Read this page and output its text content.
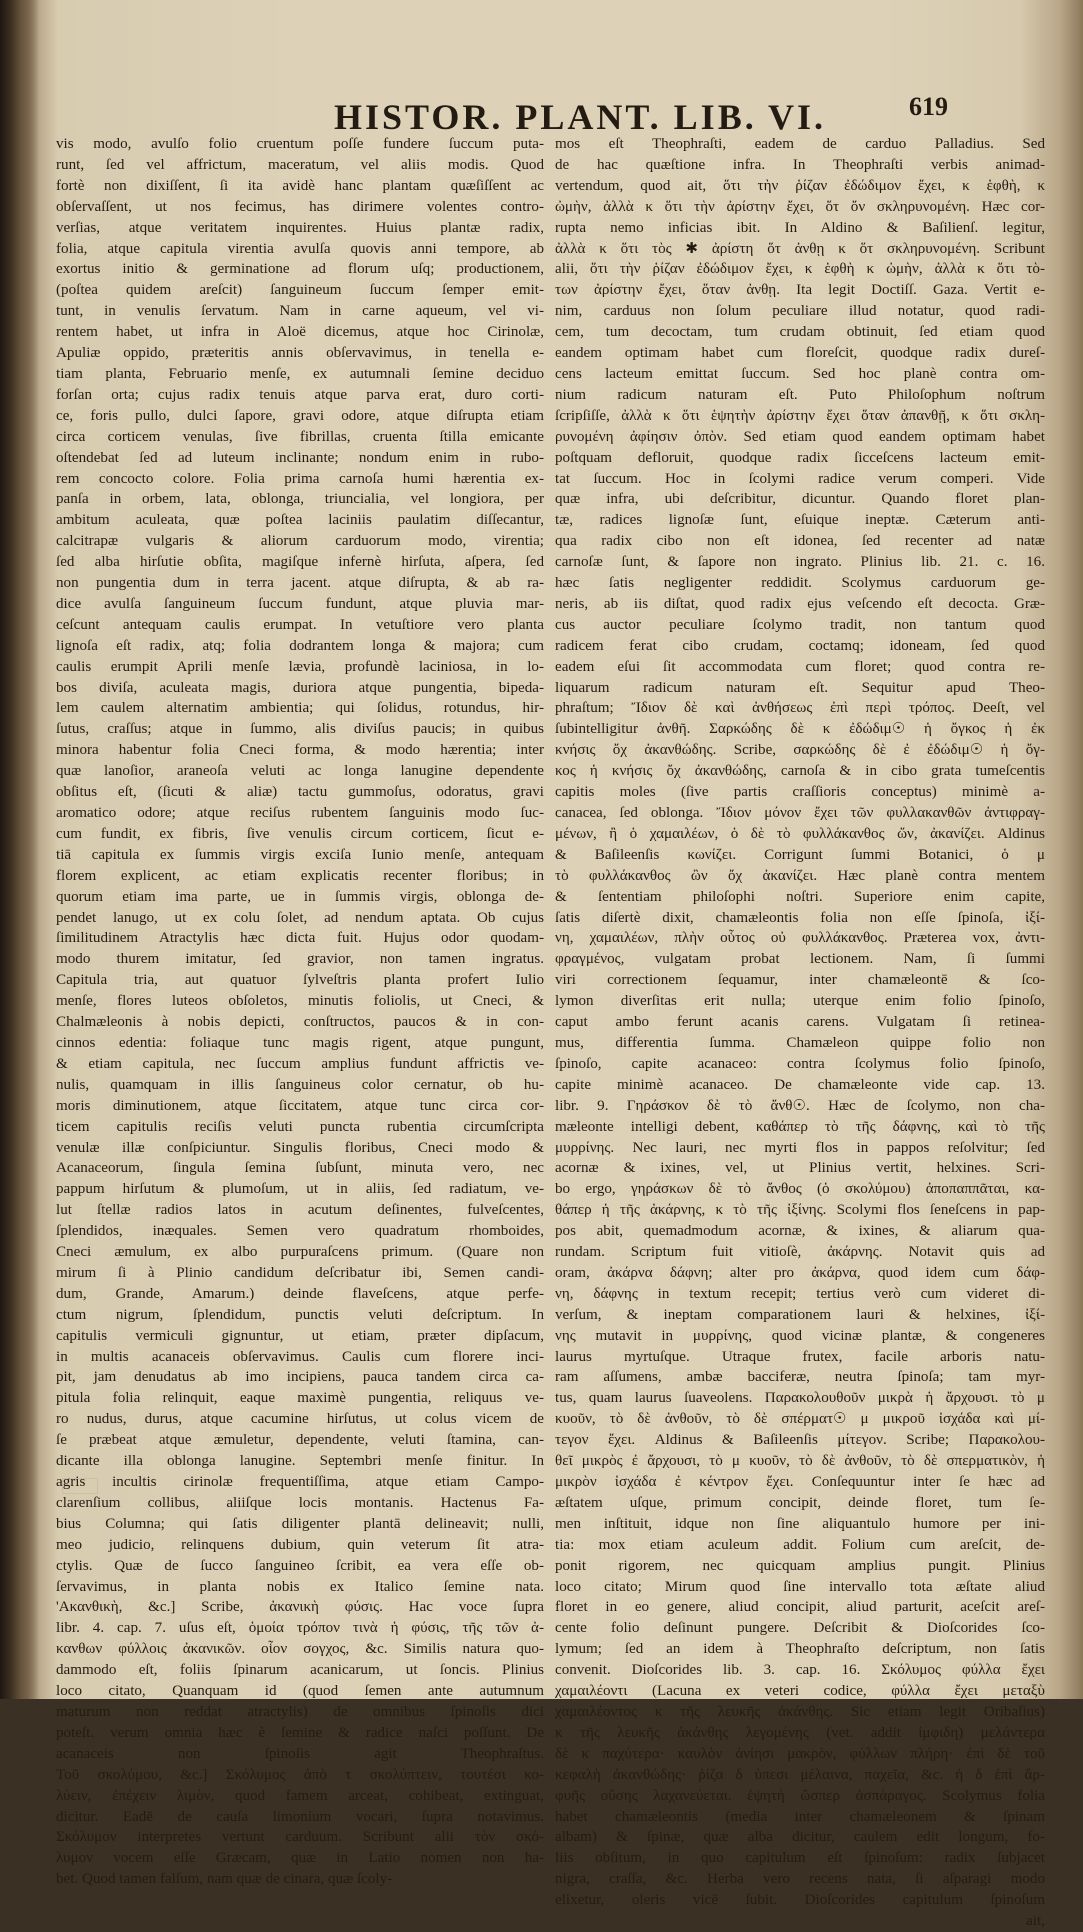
HISTOR. PLANT. LIB. VI.	619
vis modo, avulſo folio cruentum poſſe fundere ſuccum puta-
runt, ſed vel affrictum, maceratum, vel aliis modis. Quod
fortè non dixiſſent, ſi ita avidè hanc plantam quæſiſſent ac
obſervaſſent, ut nos fecimus, has dirimere volentes contro-
verſias, atque veritatem inquirentes. Huius plantæ radix,
folia, atque capitula virentia avulſa quovis anni tempore, ab
exortus initio & germinatione ad florum uſq; productionem,
(poſtea quidem areſcit) ſanguineum ſuccum ſemper emit-
tunt, in venulis ſervatum. Nam in carne aqueum, vel vi-
rentem habet, ut infra in Aloë dicemus, atque hoc Cirinolæ,
Apuliæ oppido, præteritis annis obſervavimus, in tenella e-
tiam planta, Februario menſe, ex autumnali ſemine deciduo
forſan orta; cujus radix tenuis atque parva erat, duro corti-
ce, foris pullo, dulci ſapore, gravi odore, atque diſrupta etiam
circa corticem venulas, ſive fibrillas, cruenta ſtilla emicante
oſtendebat ſed ad luteum inclinante; nondum enim in rubo-
rem concocto colore. Folia prima carnoſa humi hærentia ex-
panſa in orbem, lata, oblonga, triuncialia, vel longiora, per
ambitum aculeata, quæ poſtea laciniis paulatim diſſecantur,
calcitrapæ vulgaris & aliorum carduorum modo, virentia;
ſed alba hirſutie obſita, magiſque infernè hirſuta, aſpera, ſed
non pungentia dum in terra jacent. atque diſrupta, & ab ra-
dice avulſa ſanguineum ſuccum fundunt, atque pluvia mar-
ceſcunt antequam caulis erumpat. In vetuſtiore vero planta
lignoſa eſt radix, atq; folia dodrantem longa & majora; cum
caulis erumpit Aprili menſe lævia, profundè laciniosa, in lo-
bos diviſa, aculeata magis, duriora atque pungentia, bipeda-
lem caulem alternatim ambientia; qui ſolidus, rotundus, hir-
ſutus, craſſus; atque in ſummo, alis diviſus paucis; in quibus
minora habentur folia Cneci forma, & modo hærentia; inter
quæ lanoſior, araneoſa veluti ac longa lanugine dependente
obſitus eſt, (ſicuti & aliæ) tactu gummoſus, odoratus, gravi
aromatico odore; atque reciſus rubentem ſanguinis modo ſuc-
cum fundit, ex fibris, ſive venulis circum corticem, ſicut e-
tiā capitula ex ſummis virgis exciſa Iunio menſe, antequam
florem explicent, ac etiam explicatis recenter floribus; in
quorum etiam ima parte, ue in ſummis virgis, oblonga de-
pendet lanugo, ut ex colu ſolet, ad nendum aptata. Ob cujus
ſimilitudinem Atractylis hæc dicta fuit. Hujus odor quodam-
modo thurem imitatur, ſed gravior, non tamen ingratus.
Capitula tria, aut quatuor ſylveſtris planta profert Iulio
menſe, flores luteos obſoletos, minutis foliolis, ut Cneci, &
Chalmæleonis à nobis depicti, conſtructos, paucos & in con-
cinnos edentia: foliaque tunc magis rigent, atque pungunt,
& etiam capitula, nec ſuccum amplius fundunt affrictis ve-
nulis, quamquam in illis ſanguineus color cernatur, ob hu-
moris diminutionem, atque ſiccitatem, atque tunc circa cor-
ticem capitulis reciſis veluti puncta rubentia circumſcripta
venulæ illæ conſpiciuntur. Singulis floribus, Cneci modo &
Acanaceorum, ſingula ſemina ſubſunt, minuta vero, nec
pappum hirſutum & plumoſum, ut in aliis, ſed radiatum, ve-
lut ſtellæ radios latos in acutum deſinentes, fulveſcentes,
ſplendidos, inæquales. Semen vero quadratum rhomboides,
Cneci æmulum, ex albo purpuraſcens primum. (Quare non
mirum ſi à Plinio candidum deſcribatur ibi, Semen candi-
dum, Grande, Amarum.) deinde flaveſcens, atque perfe-
ctum nigrum, ſplendidum, punctis veluti deſcriptum. In
capitulis vermiculi gignuntur, ut etiam, præter dipſacum,
in multis acanaceis obſervavimus. Caulis cum florere inci-
pit, jam denudatus ab imo incipiens, pauca tandem circa ca-
pitula folia relinquit, eaque maximè pungentia, reliquus ve-
ro nudus, durus, atque cacumine hirſutus, ut colus vicem de
ſe præbeat atque æmuletur, dependente, veluti ſtamina, can-
dicante illa oblonga lanugine. Septembri menſe finitur. In
agris incultis cirinolæ frequentiſſima, atque etiam Campo-
clarenſium collibus, aliiſque locis montanis. Hactenus Fa-
bius Columna; qui ſatis diligenter plantā delineavit; nulli,
meo judicio, relinquens dubium, quin veterum ſit atra-
ctylis. Quæ de ſucco ſanguineo ſcribit, ea vera eſſe ob-
ſervavimus, in planta nobis ex Italico ſemine nata.
'Ακανθικὴ, &c.] Scribe, ἀκανικὴ φύσις. Hac voce ſupra
libr. 4. cap. 7. uſus eſt, ὁμοία τρόπον τινὰ ἡ φύσις, τῆς τῶν ἀ-
κανθων φύλλοις ἀκανικῶν. οἷον σογχος, &c. Similis natura quo-
dammodo eſt, foliis ſpinarum acanicarum, ut ſoncis. Plinius
loco citato, Quanquam id (quod ſemen ante autumnum
maturum non reddat atractylis) de omnibus ſpinoſis dici
poteſt. verum omnia hæc è ſemine & radice naſci poſſunt. De
acanaceis non ſpinoſis agit Theophraſtus.
Τοῦ σκολύμου, &c.] Σκόλυμος ἀπὸ τ σκολύπτειν, τουτέσι κο-
λύειν, ἐπέχειν λιμὸν, quod famem arceat, cohibeat, extinguat,
dicitur. Eadē de cauſa limonium vocari, ſupra notavimus.
Σκόλυμον interpretes vertunt carduum. Scribunt alii τὸν σκό-
λυμον vocem eſſe Græcam, quæ in Latio nomen non ha-
bet. Quod tamen falſum, nam quæ de cinara, quæ ſcoly-
mos eſt Theophraſti, eadem de carduo Palladius. Sed
de hac quæſtione infra. In Theophraſti verbis animad-
vertendum, quod ait, ὅτι τὴν ῥίζαν ἐδώδιμον ἔχει, κ ἑφθὴ, κ
ὠμὴν, ἀλλὰ κ ὅτι τὴν ἀρίστην ἔχει, ὅτ ὄν σκληρυνομένη. Hæc cor-
rupta nemo inficias ibit. In Aldino & Baſilienſ. legitur,
ἀλλὰ κ ὅτι τὸς ✱ ἀρίστη ὅτ ἀνθῃ κ ὅτ σκληρυνομένη. Scribunt
alii, ὅτι τὴν ῥίζαν ἐδώδιμον ἔχει, κ ἑφθὴ κ ὠμὴν, ἀλλὰ κ ὅτι τὸ-
των ἀρίστην ἔχει, ὅταν ἀνθῃ. Ita legit Doctiſſ. Gaza. Vertit e-
nim, carduus non ſolum peculiare illud notatur, quod radi-
cem, tum decoctam, tum crudam obtinuit, ſed etiam quod
eandem optimam habet cum floreſcit, quodque radix dureſ-
cens lacteum emittat ſuccum. Sed hoc planè contra om-
nium radicum naturam eſt. Puto Philoſophum noſtrum
ſcripſiſſe, ἀλλὰ κ ὅτι ἑψητὴν ἀρίστην ἔχει ὅταν ἀπανθῇ, κ ὅτι σκλη-
ρυνομένη ἀφίησιν ὀπὸν. Sed etiam quod eandem optimam habet
poſtquam defloruit, quodque radix ſicceſcens lacteum emit-
tat ſuccum. Hoc in ſcolymi radice verum comperi. Vide
quæ infra, ubi deſcribitur, dicuntur. Quando floret plan-
tæ, radices lignoſæ ſunt, eſuique ineptæ. Cæterum anti-
qua radix cibo non eſt idonea, ſed recenter ad natæ
carnoſæ ſunt, & ſapore non ingrato. Plinius lib. 21. c. 16.
hæc ſatis negligenter reddidit. Scolymus carduorum ge-
neris, ab iis diſtat, quod radix ejus veſcendo eſt decocta. Græ-
cus auctor peculiare ſcolymo tradit, non tantum quod
radicem ferat cibo crudam, coctamq; idoneam, ſed quod
eadem eſui ſit accommodata cum floret; quod contra re-
liquarum radicum naturam eſt. Sequitur apud Theo-
phraſtum; Ἴδιον δὲ καὶ ἀνθήσεως ἐπὶ περὶ τρόπος. Deeſt, vel
ſubintelligitur ἀνθῆ. Σαρκώδης δὲ κ ἐδώδιμ☉ ἡ ὄγκος ἡ ἐκ
κνήσις ὄχ ἀκανθώδης. Scribe, σαρκώδης δὲ ἐ ἐδώδιμ☉ ἡ ὄγ-
κος ἡ κνήσις ὄχ ἀκανθώδης, carnoſa & in cibo grata tumeſcentis
capitis moles (ſive partis craſſioris conceptus) minimè a-
canacea, ſed oblonga. Ἴδιον μόνον ἔχει τῶν φυλλακανθῶν ἀντιφραγ-
μένων, ἢ ὁ χαμαιλέων, ὁ δὲ τὸ φυλλάκανθος ὤν, ἀκανίζει. Aldinus
& Baſileenſis κωνίζει. Corrigunt ſummi Botanici, ὁ μ
τὸ φυλλάκανθος ὢν ὄχ ἀκανίζει. Hæc planè contra mentem
& ſententiam philoſophi noſtri. Superiore enim capite,
ſatis diſertè dixit, chamæleontis folia non eſſe ſpinoſa, ἰξί-
νη, χαμαιλέων, πλὴν οὗτος οὐ φυλλάκανθος. Præterea vox, ἀντι-
φραγμένος, vulgatam probat lectionem. Nam, ſi ſummi
viri correctionem ſequamur, inter chamæleontē & ſco-
lymon diverſitas erit nulla; uterque enim folio ſpinoſo,
caput ambo ferunt acanis carens. Vulgatam ſi retinea-
mus, differentia ſumma. Chamæleon quippe folio non
ſpinoſo, capite acanaceo: contra ſcolymus folio ſpinoſo,
capite minimè acanaceo. De chamæleonte vide cap. 13.
libr. 9. Γηράσκον δὲ τὸ ἄνθ☉. Hæc de ſcolymo, non cha-
mæleonte intelligi debent, καθάπερ τὸ τῆς δάφνης, καὶ τὸ τῆς
μυρρίνης. Nec lauri, nec myrti flos in pappos reſolvitur; ſed
acornæ & ixines, vel, ut Plinius vertit, helxines. Scri-
bo ergo, γηράσκων δὲ τὸ ἄνθος (ὁ σκολύμου) ἀποπαππᾶται, κα-
θάπερ ἡ τῆς ἀκάρνης, κ τὸ τῆς ἰξίνης. Scolymi flos ſeneſcens in pap-
pos abit, quemadmodum acornæ, & ixines, & aliarum qua-
rundam. Scriptum fuit vitioſè, ἀκάρνης. Notavit quis ad
oram, ἀκάρνα δάφνη; alter pro ἀκάρνα, quod idem cum δάφ-
νη, δάφνης in textum recepit; tertius verò cum videret di-
verſum, & ineptam comparationem lauri & helxines, ἰξί-
νης mutavit in μυρρίνης, quod vicinæ plantæ, & congeneres
laurus myrtuſque. Utraque frutex, facile arboris natu-
ram aſſumens, ambæ bacciferæ, neutra ſpinoſa; tam myr-
tus, quam laurus ſuaveolens. Παρακολουθοῦν μικρὰ ἡ ἄρχουσι. τὸ μ
κυοῦν, τὸ δὲ ἀνθοῦν, τὸ δὲ σπέρματ☉ μ μικροῦ ἰσχάδα καὶ μί-
τεγον ἔχει. Aldinus & Baſileenſis μίτεγον. Scribe; Παρακολου-
θεῖ μικρὸς ἐ ἄρχουσι, τὸ μ κυοῦν, τὸ δὲ ἀνθοῦν, τὸ δὲ σπερματικὸν, ἡ
μικρὸν ἰσχάδα ἐ κέντρον ἔχει. Conſequuntur inter ſe hæc ad
æſtatem uſque, primum concipit, deinde floret, tum ſe-
men inſtituit, idque non ſine aliquantulo humore per ini-
tia: mox etiam aculeum addit. Folium cum areſcit, de-
ponit rigorem, nec quicquam amplius pungit. Plinius
loco citato; Mirum quod ſine intervallo tota æſtate aliud
floret in eo genere, aliud concipit, aliud parturit, aceſcit areſ-
cente folio deſinunt pungere. Deſcribit & Dioſcorides ſco-
lymum; ſed an idem à Theophraſto deſcriptum, non ſatis
convenit. Dioſcorides lib. 3. cap. 16. Σκόλυμος φύλλα ἔχει
χαμαιλέοντι (Lacuna ex veteri codice, φύλλα ἔχει μεταξὺ
χαμαιλέοντος κ τῆς λευκῆς ἀκάνθης. Sic etiam legit Oribaſius)
κ τῆς λευκῆς ἀκάνθης λεγομένης (vet. addit ἰμφιδη) μελάντερα
δὲ κ παχύτερα· καυλὸν ἀνίησι μακρὸν, φύλλων πλήρη· ἐπὶ δὲ τοῦ
κεφαλὴ ἀκανθώδης· ῥίζα δ ὑπεσι μέλαινα, παχεῖα, &c. ἡ δ ἐπὶ ἄρ-
φυῆς οὔσης λαχανεύεται. ἑψητὴ ὥσπερ ἀσπάραγος. Scolymus folia
habet chamæleontis (media inter chamæleonem & ſpinam
albam) & ſpinæ, quæ alba dicitur, caulem edit longum, fo-
liis obſitum, in quo capitulum eſt ſpinoſum: radix ſubjacet
nigra, craſſa, &c. Herba vero recens nata, ſi aſparagi modo
elixetur, oleris vicē ſubit. Dioſcorides capitulum ſpinoſum
ait,
